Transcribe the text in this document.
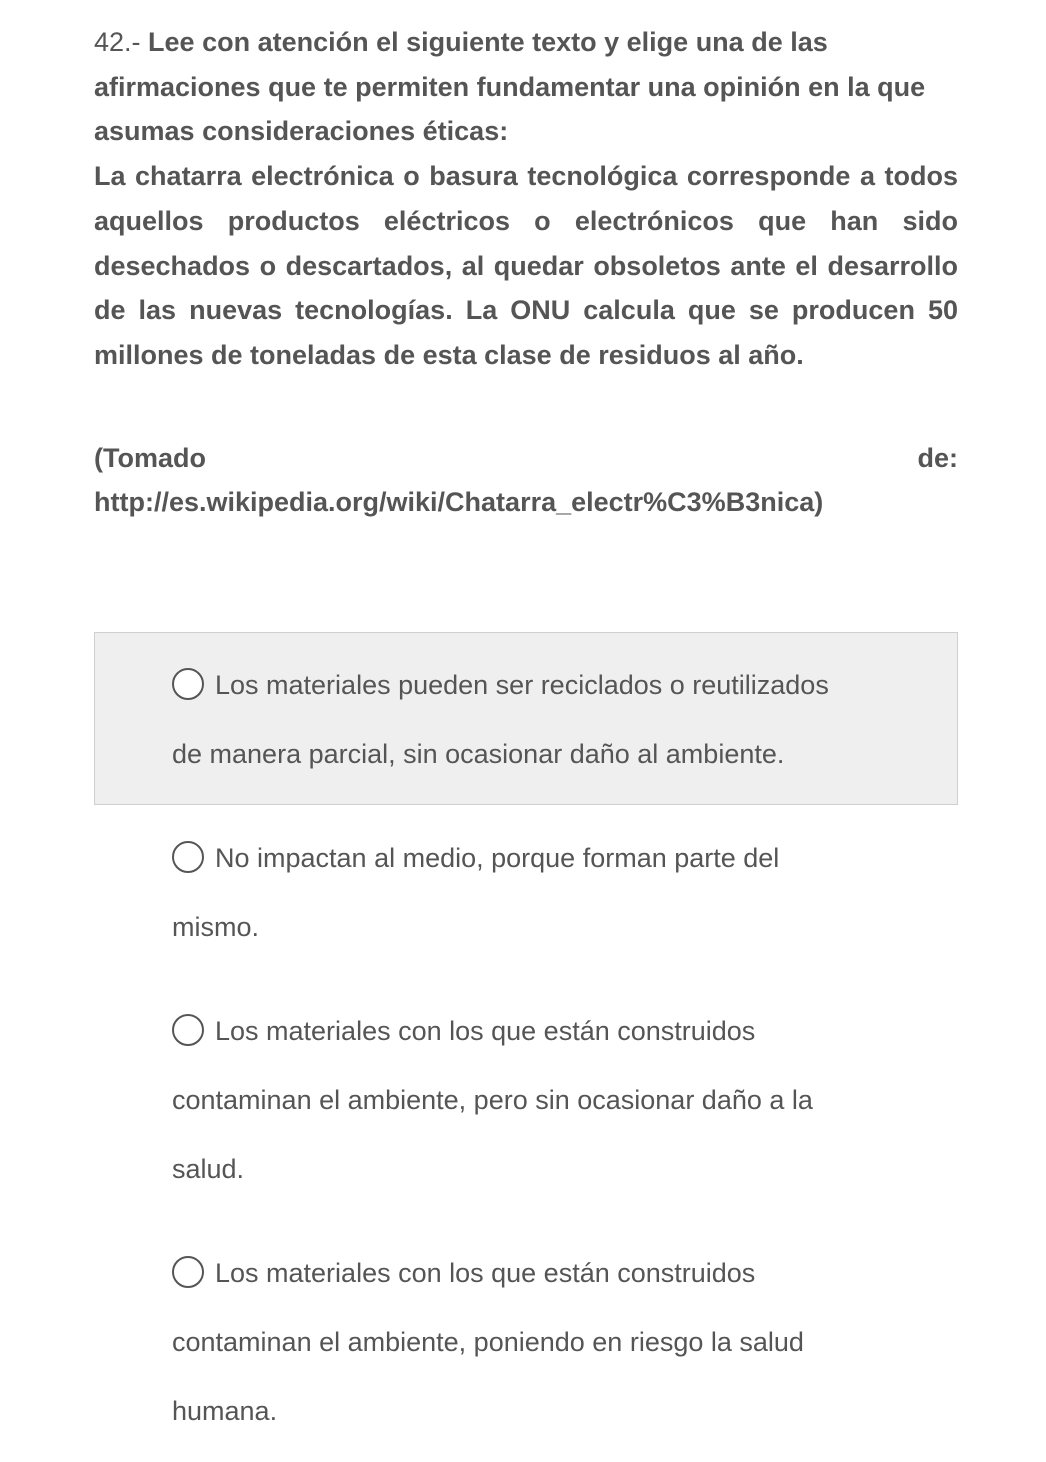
42.- Lee con atención el siguiente texto y elige una de las afirmaciones que te permiten fundamentar una opinión en la que asumas consideraciones éticas:

La chatarra electrónica o basura tecnológica corresponde a todos aquellos productos eléctricos o electrónicos que han sido desechados o descartados, al quedar obsoletos ante el desarrollo de las nuevas tecnologías. La ONU calcula que se producen 50 millones de toneladas de esta clase de residuos al año.

(Tomado	de:
http://es.wikipedia.org/wiki/Chatarra_electr%C3%B3nica)
Los materiales pueden ser reciclados o reutilizados
de manera parcial, sin ocasionar daño al ambiente.
No impactan al medio, porque forman parte del
mismo.
Los materiales con los que están construidos
contaminan el ambiente, pero sin ocasionar daño a la
salud.
Los materiales con los que están construidos
contaminan el ambiente, poniendo en riesgo la salud
humana.
